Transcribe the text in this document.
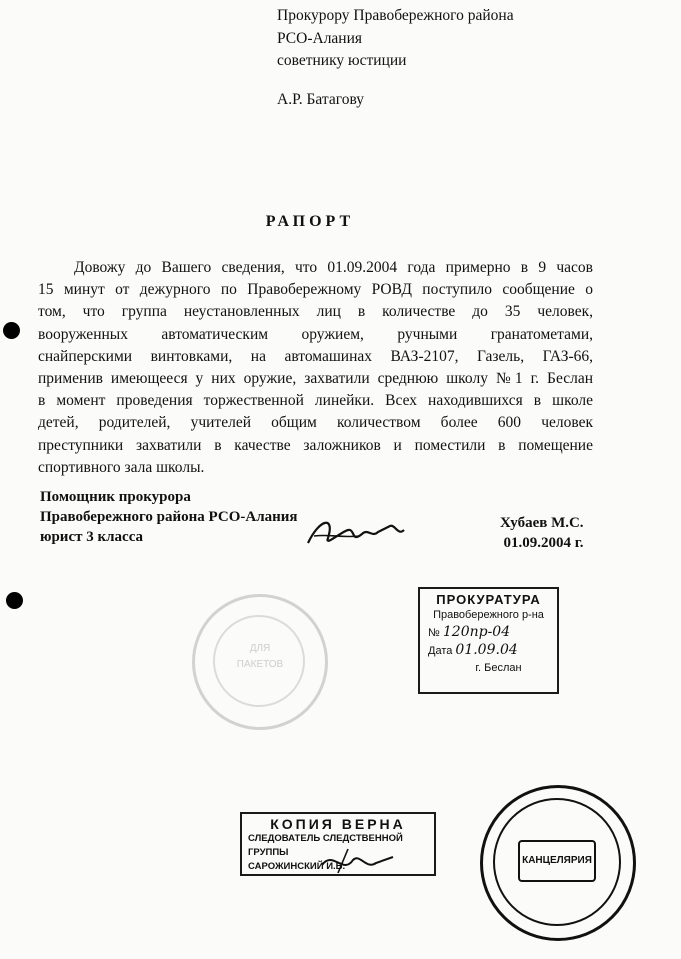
Прокурору Правобережного района
РСО-Алания
советнику юстиции
А.Р. Батагову
РАПОРТ
Довожу до Вашего сведения, что 01.09.2004 года примерно в 9 часов
15 минут от дежурного по Правобережному РОВД поступило сообщение о
том, что группа неустановленных лиц в количестве до 35 человек,
вооруженных автоматическим оружием, ручными гранатометами,
снайперскими винтовками, на автомашинах ВАЗ-2107, Газель, ГАЗ-66,
применив имеющееся у них оружие, захватили среднюю школу №1 г. Беслан
в момент проведения торжественной линейки. Всех находившихся в школе
детей, родителей, учителей общим количеством более 600 человек
преступники захватили в качестве заложников и поместили в помещение
спортивного зала школы.
Помощник прокурора
Правобережного района РСО-Алания
юрист 3 класса
Хубаев М.С.
01.09.2004 г.
ДЛЯ
ПАКЕТОВ
ПРОКУРАТУРА
Правобережного р-на
№ 120пр-04
Дата 01.09.04
г. Беслан
КОПИЯ ВЕРНА
СЛЕДОВАТЕЛЬ СЛЕДСТВЕННОЙ ГРУППЫ
САРОЖИНСКИЙ И.Б.
КАНЦЕЛЯРИЯ
